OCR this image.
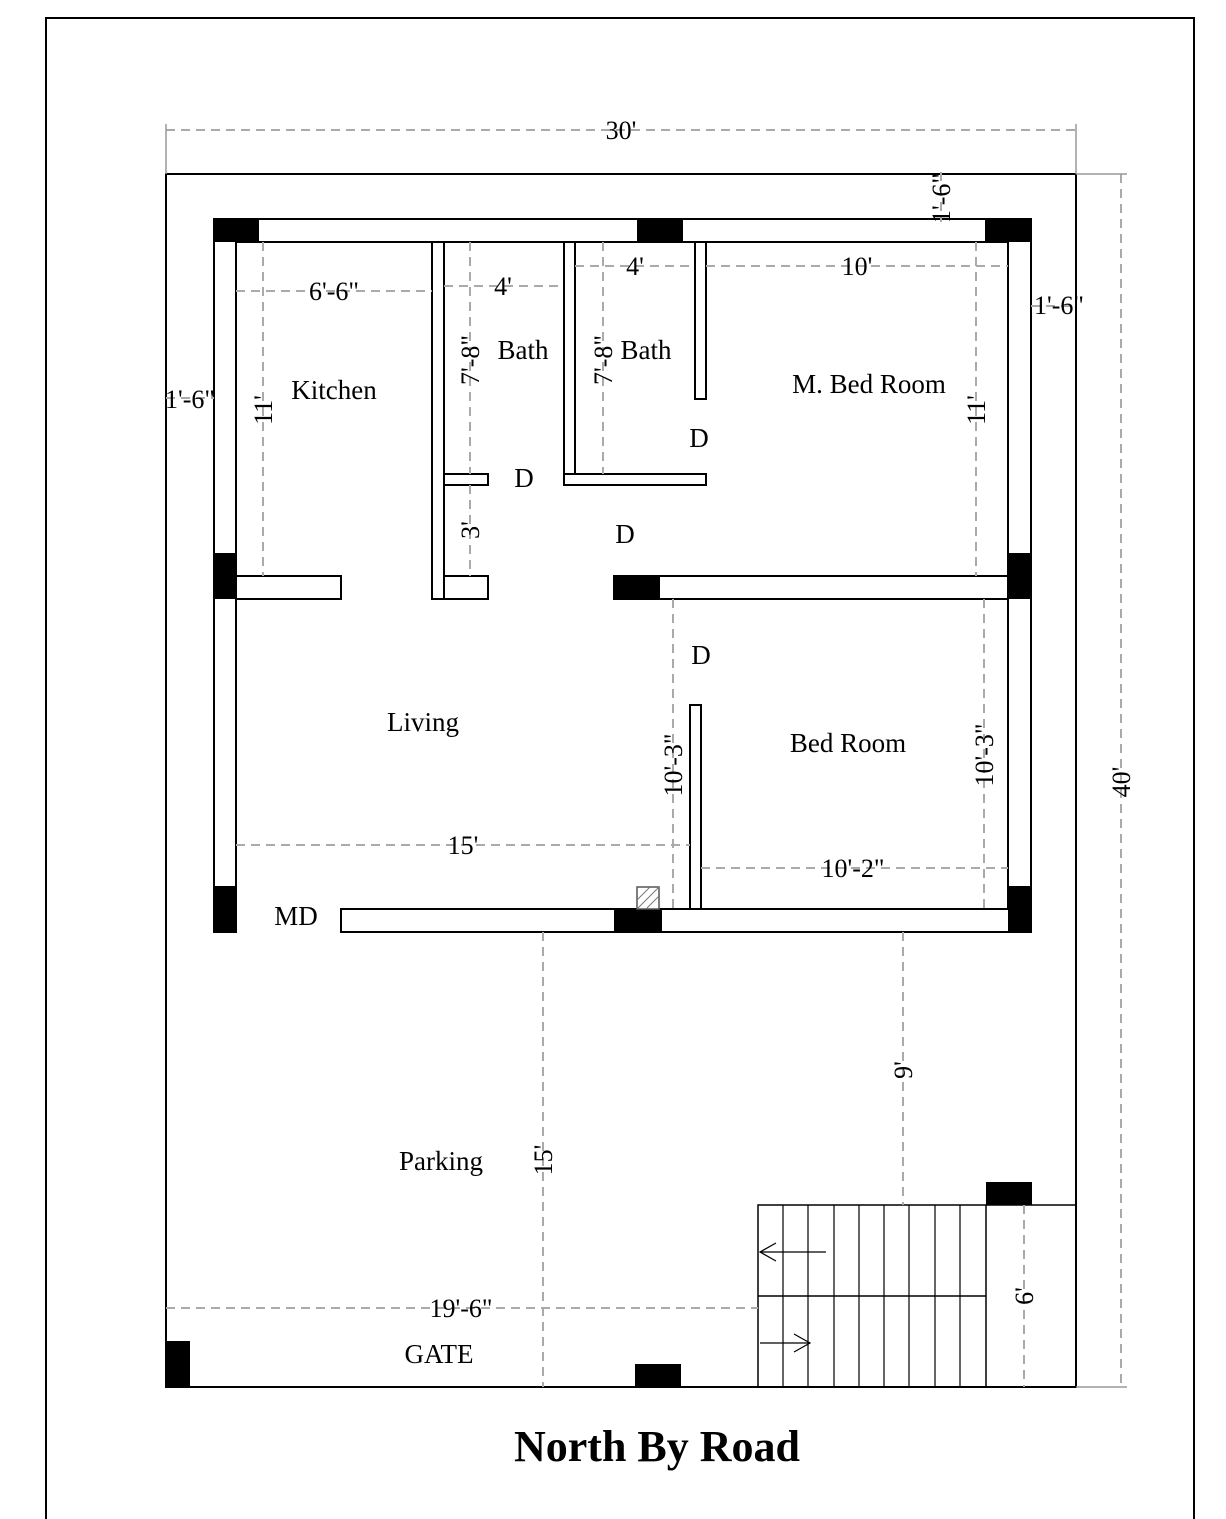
30'
40'
1'-6"
1'-6"
1'-6"
6'-6"
11'
4'
7'-8"
3'
4'
7'-8"
10'
11'
15'
10'-3"
10'-2"
10'-3"
15'
9'
6'
19'-6"
Kitchen
Bath	Bath
M. Bed Room
Living
Bed Room
Parking
GATE
MD
D
D
D
D
North By Road
